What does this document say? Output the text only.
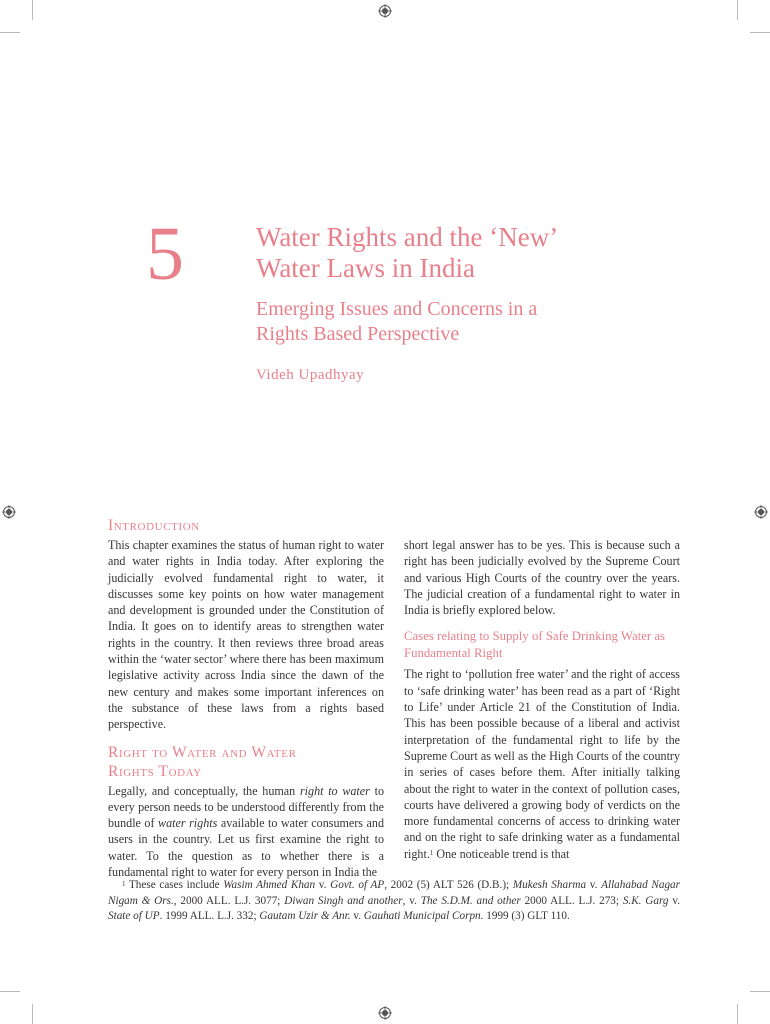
5	Water Rights and the ‘New’
Water Laws in India
Emerging Issues and Concerns in a
Rights Based Perspective
Videh Upadhyay
Introduction

This chapter examines the status of human right to water and water rights in India today. After exploring the judicially evolved fundamental right to water, it discusses some key points on how water management and development is grounded under the Constitution of India. It goes on to identify areas to strengthen water rights in the country. It then reviews three broad areas within the ‘water sector’ where there has been maximum legislative activity across India since the dawn of the new century and makes some important inferences on the substance of these laws from a rights based perspective.

Right to Water and Water
Rights Today

Legally, and conceptually, the human right to water to every person needs to be understood differently from the bundle of water rights available to water consumers and users in the country. Let us first examine the right to water. To the question as to whether there is a fundamental right to water for every person in India the

short legal answer has to be yes. This is because such a right has been judicially evolved by the Supreme Court and various High Courts of the country over the years. The judicial creation of a fundamental right to water in India is briefly explored below.

Cases relating to Supply of Safe Drinking Water as Fundamental Right

The right to ‘pollution free water’ and the right of access to ‘safe drinking water’ has been read as a part of ‘Right to Life’ under Article 21 of the Constitution of India. This has been possible because of a liberal and activist interpretation of the fundamental right to life by the Supreme Court as well as the High Courts of the country in series of cases before them. After initially talking about the right to water in the context of pollution cases, courts have delivered a growing body of verdicts on the more fundamental concerns of access to drinking water and on the right to safe drinking water as a fundamental right.$^1$ One noticeable trend is that

$^1$ These cases include Wasim Ahmed Khan v. Govt. of AP, 2002 (5) ALT 526 (D.B.); Mukesh Sharma v. Allahabad Nagar Nigam & Ors., 2000 ALL. L.J. 3077; Diwan Singh and another, v. The S.D.M. and other 2000 ALL. L.J. 273; S.K. Garg v. State of UP. 1999 ALL. L.J. 332; Gautam Uzir & Anr. v. Gauhati Municipal Corpn. 1999 (3) GLT 110.
